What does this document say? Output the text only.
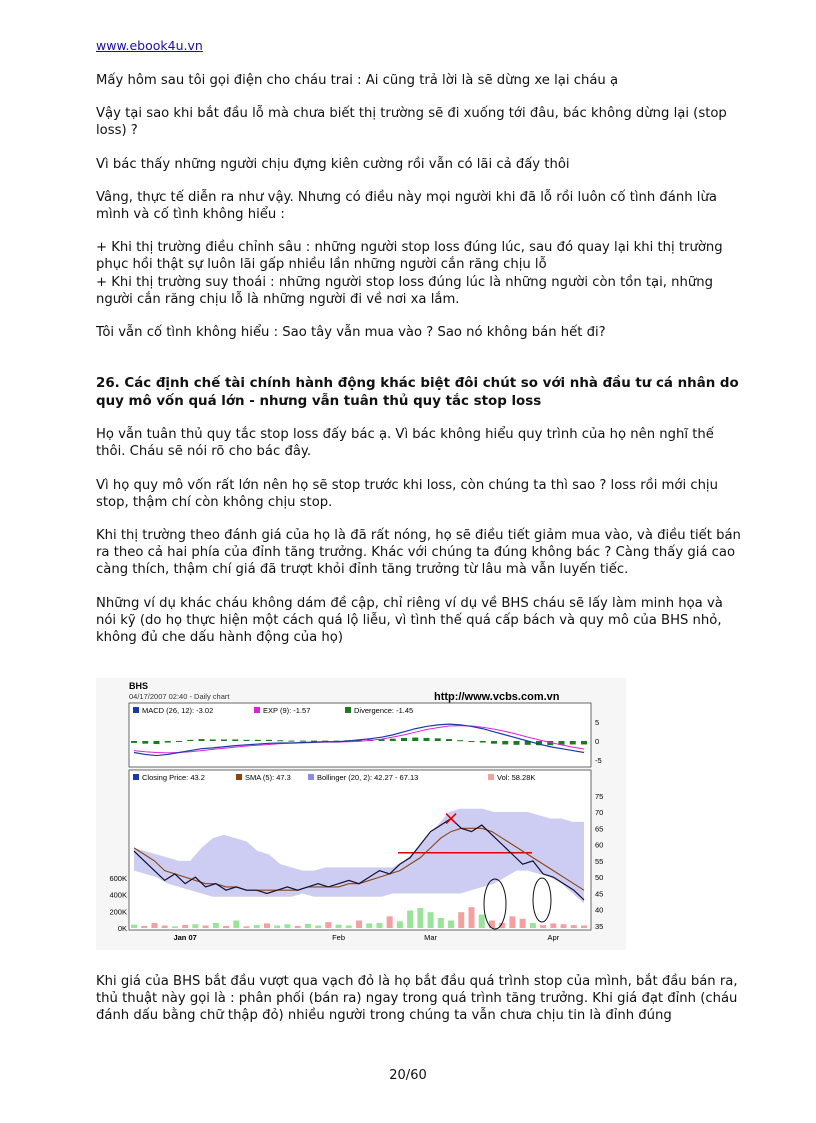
www.ebook4u.vn

Mấy hôm sau tôi gọi điện cho cháu trai : Ai cũng trả lời là sẽ dừng xe lại cháu ạ

Vậy tại sao khi bắt đầu lỗ mà chưa biết thị trường sẽ đi xuống tới đâu, bác không dừng lại (stop loss) ?

Vì bác thấy những người chịu đựng kiên cường rồi vẫn có lãi cả đấy thôi

Vâng, thực tế diễn ra như vậy. Nhưng có điều này mọi người khi đã lỗ rồi luôn cố tình đánh lừa mình và cố tình không hiểu :

+ Khi thị trường điều chỉnh sâu : những người stop loss đúng lúc, sau đó quay lại khi thị trường phục hồi thật sự luôn lãi gấp nhiều lần những người cắn răng chịu lỗ

+ Khi thị trường suy thoái : những người stop loss đúng lúc là những người còn tồn tại, những người cắn răng chịu lỗ là những người đi về nơi xa lắm.

Tôi vẫn cố tình không hiểu : Sao tây vẫn mua vào ? Sao nó không bán hết đi?

26. Các định chế tài chính hành động khác biệt đôi chút so với nhà đầu tư cá nhân do quy mô vốn quá lớn - nhưng vẫn tuân thủ quy tắc stop loss

Họ vẫn tuân thủ quy tắc stop loss đấy bác ạ. Vì bác không hiểu quy trình của họ nên nghĩ thế thôi. Cháu sẽ nói rõ cho bác đây.

Vì họ quy mô vốn rất lớn nên họ sẽ stop trước khi loss, còn chúng ta thì sao ? loss rồi mới chịu stop, thậm chí còn không chịu stop.

Khi thị trường theo đánh giá của họ là đã rất nóng, họ sẽ điều tiết giảm mua vào, và điều tiết bán ra theo cả hai phía của đỉnh tăng trưởng. Khác với chúng ta đúng không bác ? Càng thấy giá cao càng thích, thậm chí giá đã trượt khỏi đỉnh tăng trưởng từ lâu mà vẫn luyến tiếc.

Những ví dụ khác cháu không dám đề cập, chỉ riêng ví dụ về BHS cháu sẽ lấy làm minh họa và nói kỹ (do họ thực hiện một cách quá lộ liễu, vì tình thế quá cấp bách và quy mô của BHS nhỏ, không đủ che dấu hành động của họ)

BHS
04/17/2007 02:40 - Daily chart	http://www.vcbs.com.vn
MACD (26, 12): -3.02	EXP (9): -1.57	Divergence: -1.45
5
0
-5
Closing Price: 43.2	SMA (5): 47.3	Bollinger (20, 2): 42.27 - 67.13	Vol: 58.28K
75
70
65
60
55
50
45
40
35
600K
400K
200K
0K
Jan 07	Feb	Mar	Apr

Khi giá của BHS bắt đầu vượt qua vạch đỏ là họ bắt đầu quá trình stop của mình, bắt đầu bán ra, thủ thuật này gọi là : phân phối (bán ra) ngay trong quá trình tăng trưởng. Khi giá đạt đỉnh (cháu đánh dấu bằng chữ thập đỏ) nhiều người trong chúng ta vẫn chưa chịu tin là đỉnh đúng

20/60
